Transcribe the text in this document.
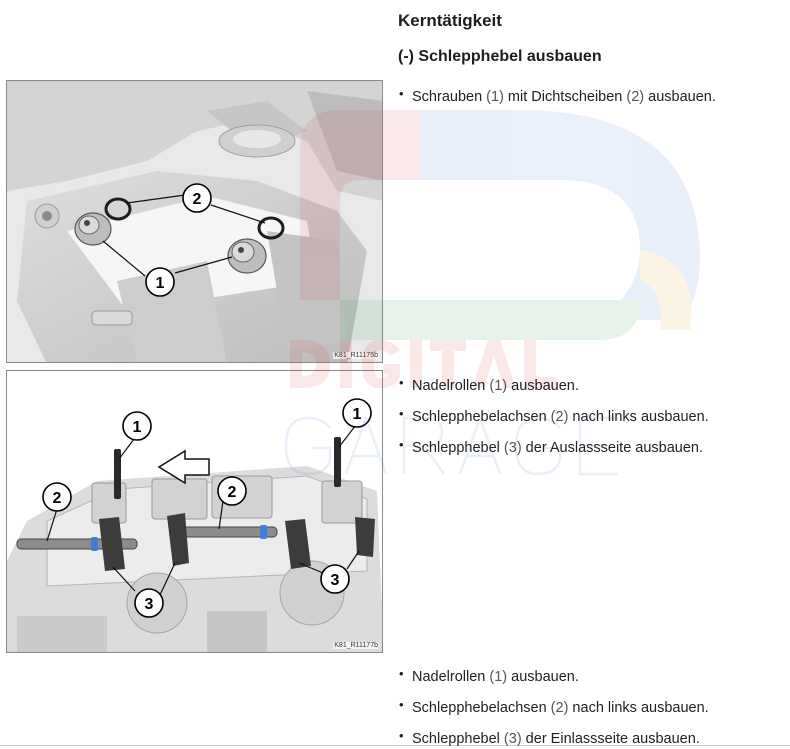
Kerntätigkeit
(-) Schlepphebel ausbauen
• Schrauben (1) mit Dichtscheiben (2) ausbauen.
• Nadelrollen (1) ausbauen.
• Schlepphebelachsen (2) nach links ausbauen.
• Schlepphebel (3) der Auslassseite ausbauen.
• Nadelrollen (1) ausbauen.
• Schlepphebelachsen (2) nach links ausbauen.
• Schlepphebel (3) der Einlassseite ausbauen.
2
1
K81_R11175b
1
1
2	2
3
3
K81_R11177b
